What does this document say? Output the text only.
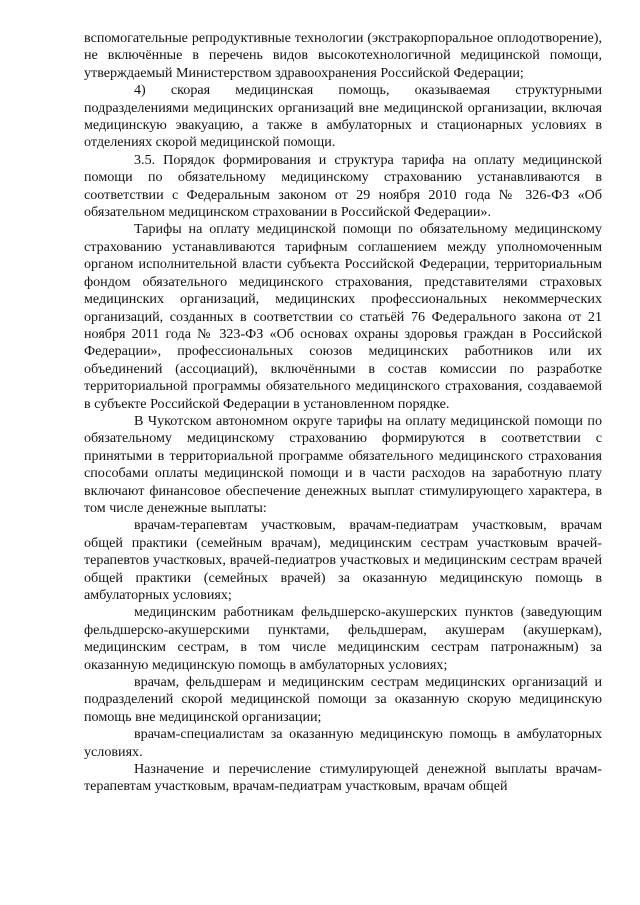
вспомогательные репродуктивные технологии (экстракорпоральное оплодотворение), не включённые в перечень видов высокотехнологичной медицинской помощи, утверждаемый Министерством здравоохранения Российской Федерации;

4) скорая медицинская помощь, оказываемая структурными подразделениями медицинских организаций вне медицинской организации, включая медицинскую эвакуацию, а также в амбулаторных и стационарных условиях в отделениях скорой медицинской помощи.

3.5. Порядок формирования и структура тарифа на оплату медицинской помощи по обязательному медицинскому страхованию устанавливаются в соответствии с Федеральным законом от 29 ноября 2010 года № 326-ФЗ «Об обязательном медицинском страховании в Российской Федерации».

Тарифы на оплату медицинской помощи по обязательному медицинскому страхованию устанавливаются тарифным соглашением между уполномоченным органом исполнительной власти субъекта Российской Федерации, территориальным фондом обязательного медицинского страхования, представителями страховых медицинских организаций, медицинских профессиональных некоммерческих организаций, созданных в соответствии со статьёй 76 Федерального закона от 21 ноября 2011 года № 323-ФЗ «Об основах охраны здоровья граждан в Российской Федерации», профессиональных союзов медицинских работников или их объединений (ассоциаций), включёнными в состав комиссии по разработке территориальной программы обязательного медицинского страхования, создаваемой в субъекте Российской Федерации в установленном порядке.

В Чукотском автономном округе тарифы на оплату медицинской помощи по обязательному медицинскому страхованию формируются в соответствии с принятыми в территориальной программе обязательного медицинского страхования способами оплаты медицинской помощи и в части расходов на заработную плату включают финансовое обеспечение денежных выплат стимулирующего характера, в том числе денежные выплаты:

врачам-терапевтам участковым, врачам-педиатрам участковым, врачам общей практики (семейным врачам), медицинским сестрам участковым врачей-терапевтов участковых, врачей-педиатров участковых и медицинским сестрам врачей общей практики (семейных врачей) за оказанную медицинскую помощь в амбулаторных условиях;

медицинским работникам фельдшерско-акушерских пунктов (заведующим фельдшерско-акушерскими пунктами, фельдшерам, акушерам (акушеркам), медицинским сестрам, в том числе медицинским сестрам патронажным) за оказанную медицинскую помощь в амбулаторных условиях;

врачам, фельдшерам и медицинским сестрам медицинских организаций и подразделений скорой медицинской помощи за оказанную скорую медицинскую помощь вне медицинской организации;

врачам-специалистам за оказанную медицинскую помощь в амбулаторных условиях.

Назначение и перечисление стимулирующей денежной выплаты врачам-терапевтам участковым, врачам-педиатрам участковым, врачам общей
